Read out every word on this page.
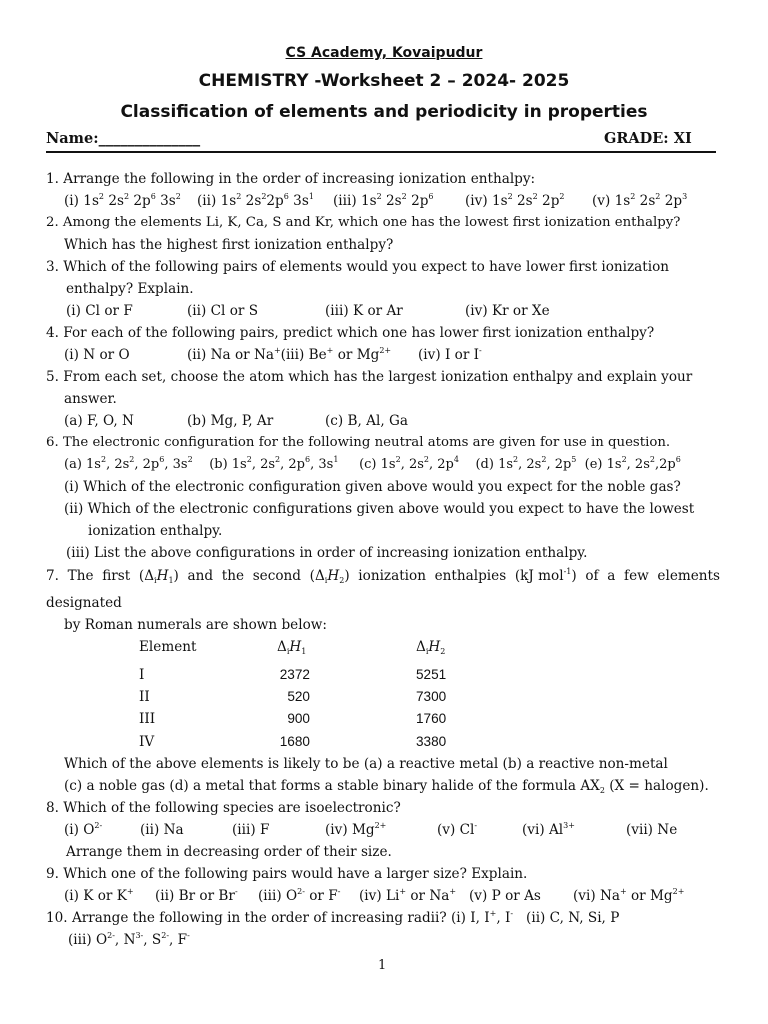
CS Academy, Kovaipudur
CHEMISTRY -Worksheet 2 – 2024- 2025
Classification of elements and periodicity in properties
Name:______________	GRADE: XI
1. Arrange the following in the order of increasing ionization enthalpy:
(i) $1s^2$ $2s^2$ $2p^6$ $3s^2$ (ii) $1s^2$ $2s^22p^6$ $3s^1$ (iii) $1s^2$ $2s^2$ $2p^6$ (iv) $1s^2$ $2s^2$ $2p^2$ (v) $1s^2$ $2s^2$ $2p^3$
2. Among the elements Li, K, Ca, S and Kr, which one has the lowest first ionization enthalpy?
Which has the highest first ionization enthalpy?
3. Which of the following pairs of elements would you expect to have lower first ionization
enthalpy? Explain.
(i) Cl or F	(ii) Cl or S	(iii) K or Ar	(iv) Kr or Xe
4. For each of the following pairs, predict which one has lower first ionization enthalpy?
(i) N or O	(ii) Na or Na+(iii) Be+ or $Mg^{2+}$ (iv) I or I-
5. From each set, choose the atom which has the largest ionization enthalpy and explain your
answer.
(a) F, O, N	(b) Mg, P, Ar	(c) B, Al, Ga
6. The electronic configuration for the following neutral atoms are given for use in question.
(a) $1s^2$, $2s^2$, $2p^6$, $3s^2$ (b) $1s^2$, $2s^2$, $2p^6$, $3s^1$ (c) $1s^2$, $2s^2$, $2p^4$ (d) $1s^2$, $2s^2$, $2p^5$ (e) $1s^2$, $2s^2,2p^6$
(i) Which of the electronic configuration given above would you expect for the noble gas?
(ii) Which of the electronic configurations given above would you expect to have the lowest
ionization enthalpy.
(iii) List the above configurations in order of increasing ionization enthalpy.
7. The first $(\Delta_iH_1)$ and the second $(\Delta_iH_2)$ ionization enthalpies (kJ mol$^{-1}$) of a few elements
designated
by Roman numerals are shown below:
Element	$\Delta_iH_1$	$\Delta_iH_2$
I	2372	5251
II	520	7300
III	900	1760
IV	1680	3380
Which of the above elements is likely to be (a) a reactive metal (b) a reactive non-metal
(c) a noble gas (d) a metal that forms a stable binary halide of the formula $AX_2$ (X = halogen).
8. Which of the following species are isoelectronic?
(i) $O^{2-}$	(ii) Na	(iii) F	(iv) $Mg^{2+}$	(v) Cl-	(vi) $Al^{3+}$	(vii) Ne
Arrange them in decreasing order of their size.
9. Which one of the following pairs would have a larger size? Explain.
(i) K or K+ (ii) Br or Br- (iii) $O^{2-}$ or F- (iv) Li+ or Na+ (v) P or As (vi) Na+ or $Mg^{2+}$
10. Arrange the following in the order of increasing radii? (i) I, I+, I- (ii) C, N, Si, P
(iii) $O^{2-}$, $N^{3-}$, $S^{2-}$, F-
1
